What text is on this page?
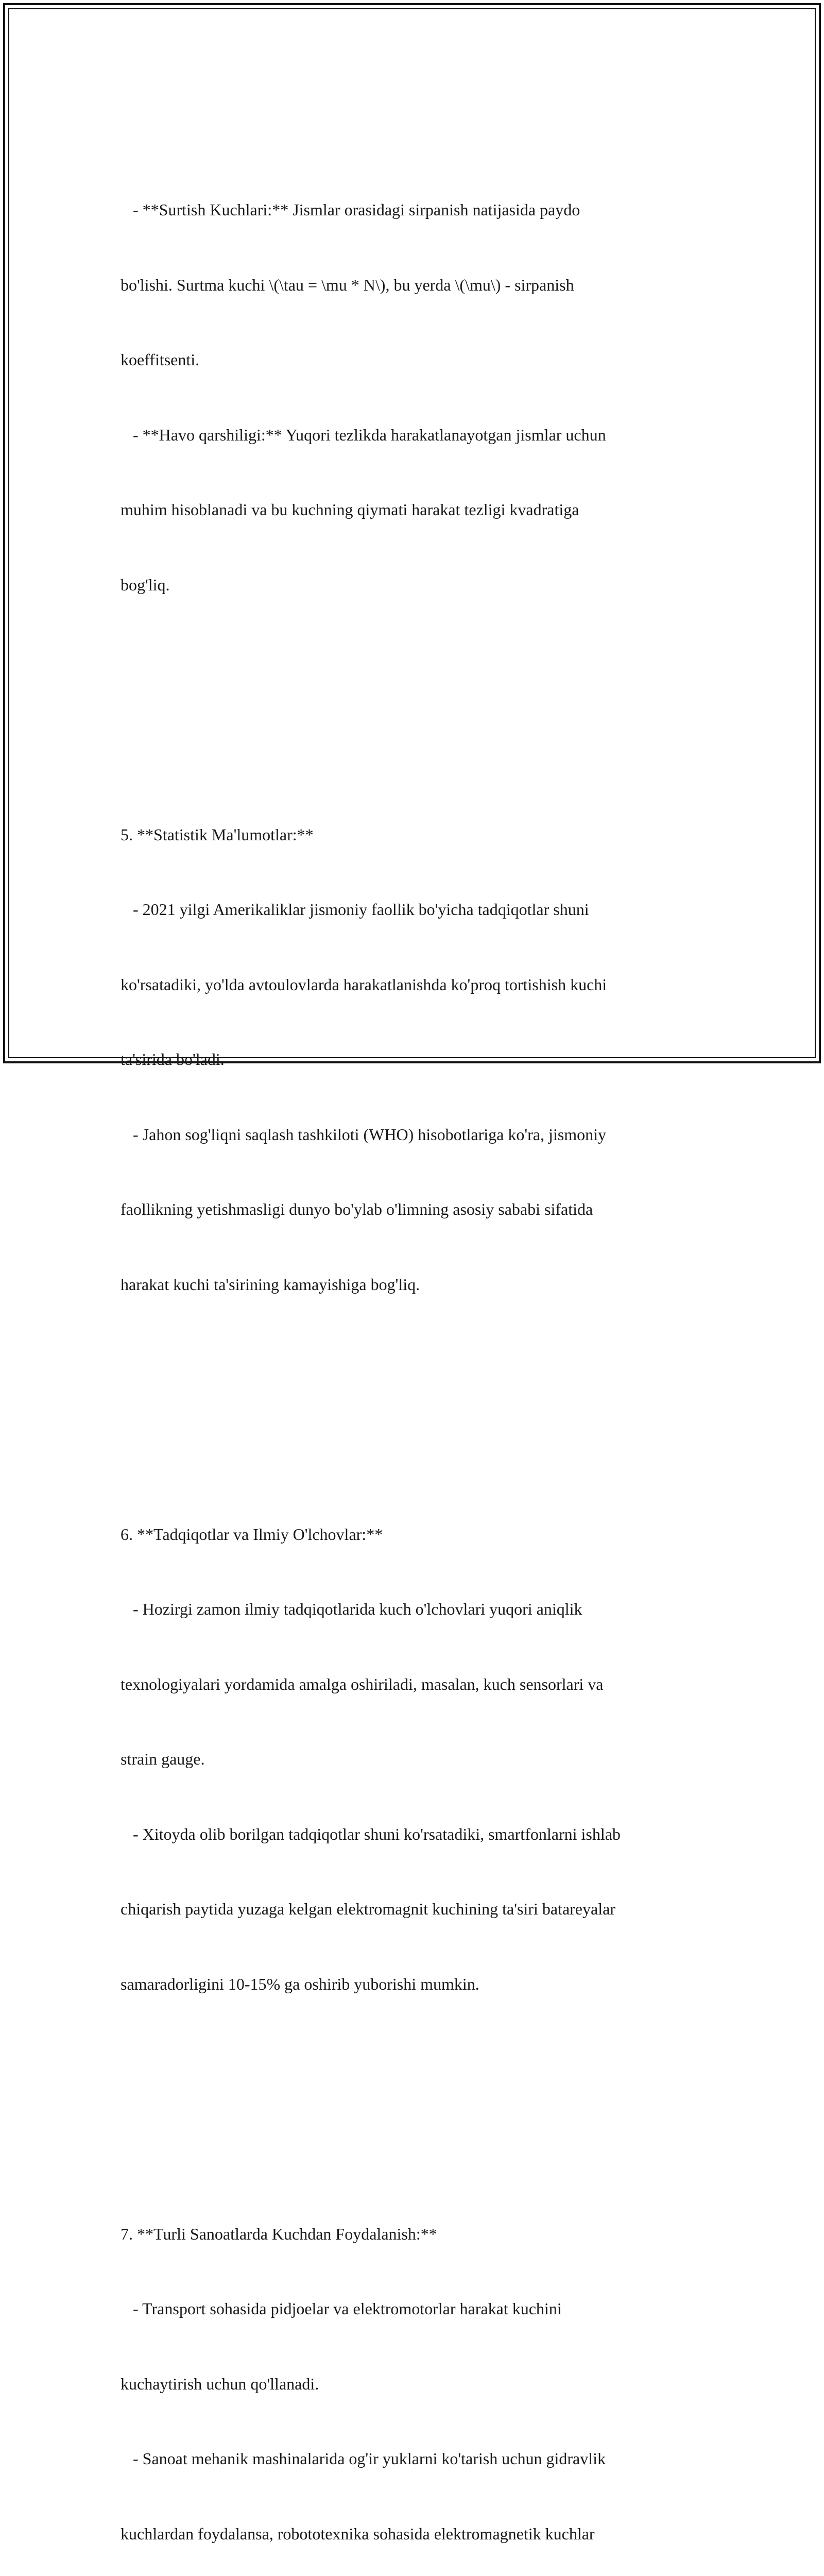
- **Surtish Kuchlari:** Jismlar orasidagi sirpanish natijasida paydo

bo'lishi. Surtma kuchi \(\tau = \mu * N\), bu yerda \(\mu\) - sirpanish

koeffitsenti.

- **Havo qarshiligi:** Yuqori tezlikda harakatlanayotgan jismlar uchun

muhim hisoblanadi va bu kuchning qiymati harakat tezligi kvadratiga

bog'liq.

5. **Statistik Ma'lumotlar:**

- 2021 yilgi Amerikaliklar jismoniy faollik bo'yicha tadqiqotlar shuni

ko'rsatadiki, yo'lda avtoulovlarda harakatlanishda ko'proq tortishish kuchi

ta'sirida bo'ladi.

- Jahon sog'liqni saqlash tashkiloti (WHO) hisobotlariga ko'ra, jismoniy

faollikning yetishmasligi dunyo bo'ylab o'limning asosiy sababi sifatida

harakat kuchi ta'sirining kamayishiga bog'liq.

6. **Tadqiqotlar va Ilmiy O'lchovlar:**

- Hozirgi zamon ilmiy tadqiqotlarida kuch o'lchovlari yuqori aniqlik

texnologiyalari yordamida amalga oshiriladi, masalan, kuch sensorlari va

strain gauge.

- Xitoyda olib borilgan tadqiqotlar shuni ko'rsatadiki, smartfonlarni ishlab

chiqarish paytida yuzaga kelgan elektromagnit kuchining ta'siri batareyalar

samaradorligini 10-15% ga oshirib yuborishi mumkin.

7. **Turli Sanoatlarda Kuchdan Foydalanish:**

- Transport sohasida pidjoelar va elektromotorlar harakat kuchini

kuchaytirish uchun qo'llanadi.

- Sanoat mehanik mashinalarida og'ir yuklarni ko'tarish uchun gidravlik

kuchlardan foydalansa, robototexnika sohasida elektromagnetik kuchlar
